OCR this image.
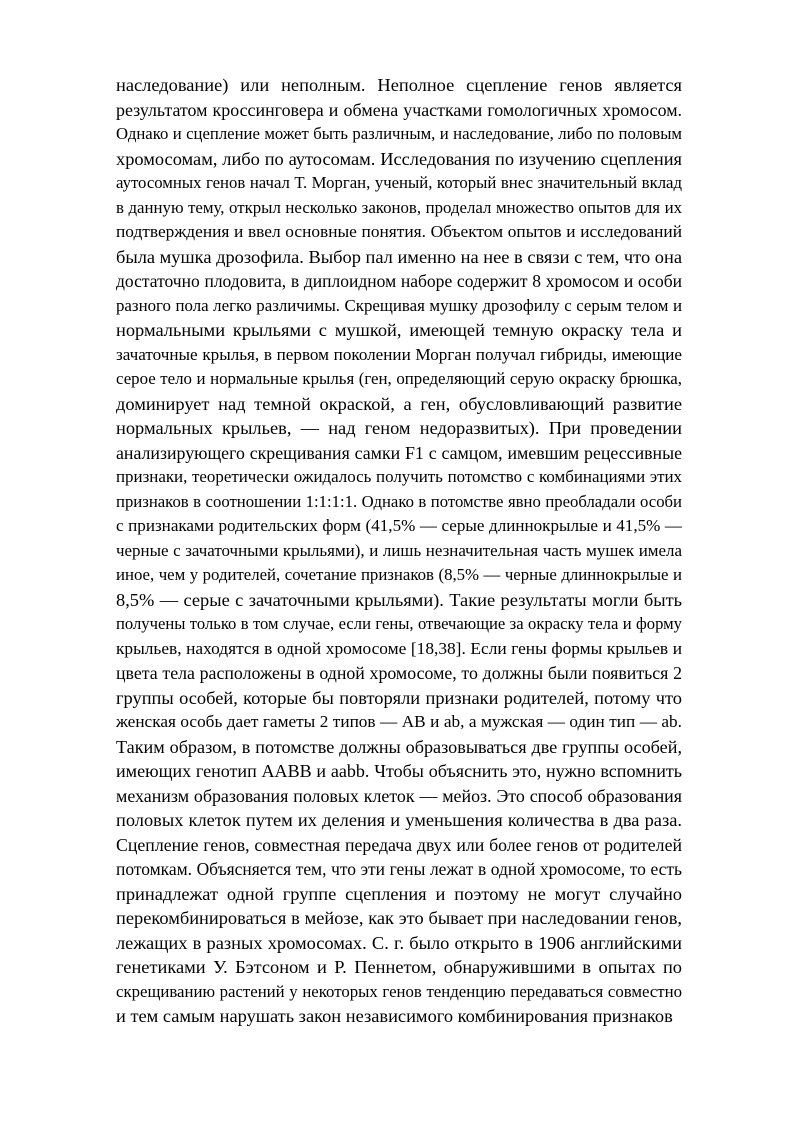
наследование) или неполным. Неполное сцепление генов является
результатом кроссинговера и обмена участками гомологичных хромосом.
Однако и сцепление может быть различным, и наследование, либо по половым
хромосомам, либо по аутосомам. Исследования по изучению сцепления
аутосомных генов начал Т. Морган, ученый, который внес значительный вклад
в данную тему, открыл несколько законов, проделал множество опытов для их
подтверждения и ввел основные понятия. Объектом опытов и исследований
была мушка дрозофила. Выбор пал именно на нее в связи с тем, что она
достаточно плодовита, в диплоидном наборе содержит 8 хромосом и особи
разного пола легко различимы. Скрещивая мушку дрозофилу с серым телом и
нормальными крыльями с мушкой, имеющей темную окраску тела и
зачаточные крылья, в первом поколении Морган получал гибриды, имеющие
серое тело и нормальные крылья (ген, определяющий серую окраску брюшка,
доминирует над темной окраской, а ген, обусловливающий развитие
нормальных крыльев, — над геном недоразвитых). При проведении
анализирующего скрещивания самки F1 с самцом, имевшим рецессивные
признаки, теоретически ожидалось получить потомство с комбинациями этих
признаков в соотношении 1:1:1:1. Однако в потомстве явно преобладали особи
с признаками родительских форм (41,5% — серые длиннокрылые и 41,5% —
черные с зачаточными крыльями), и лишь незначительная часть мушек имела
иное, чем у родителей, сочетание признаков (8,5% — черные длиннокрылые и
8,5% — серые с зачаточными крыльями). Такие результаты могли быть
получены только в том случае, если гены, отвечающие за окраску тела и форму
крыльев, находятся в одной хромосоме [18,38]. Если гены формы крыльев и
цвета тела расположены в одной хромосоме, то должны были появиться 2
группы особей, которые бы повторяли признаки родителей, потому что
женская особь дает гаметы 2 типов — АВ и ab, а мужская — один тип — ab.
Таким образом, в потомстве должны образовываться две группы особей,
имеющих генотип ААВВ и aabb. Чтобы объяснить это, нужно вспомнить
механизм образования половых клеток — мейоз. Это способ образования
половых клеток путем их деления и уменьшения количества в два раза.
Сцепление генов, совместная передача двух или более генов от родителей
потомкам. Объясняется тем, что эти гены лежат в одной хромосоме, то есть
принадлежат одной группе сцепления и поэтому не могут случайно
перекомбинироваться в мейозе, как это бывает при наследовании генов,
лежащих в разных хромосомах. С. г. было открыто в 1906 английскими
генетиками У. Бэтсоном и Р. Пеннетом, обнаружившими в опытах по
скрещиванию растений у некоторых генов тенденцию передаваться совместно
и тем самым нарушать закон независимого комбинирования признаков
